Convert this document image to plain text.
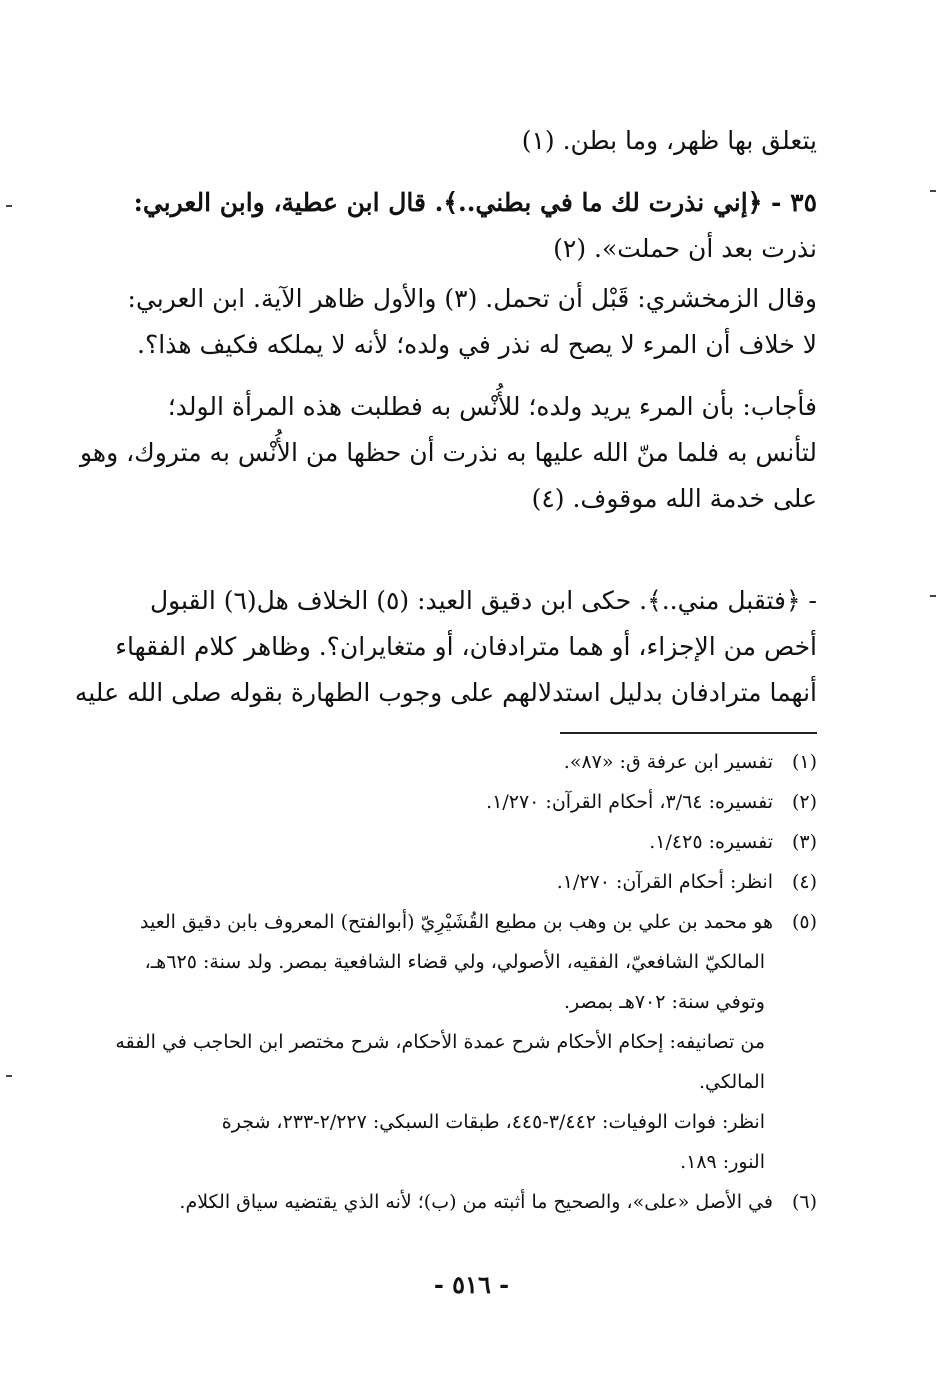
يتعلق بها ظهر، وما بطن. (١)
٣٥ - ﴿إني نذرت لك ما في بطني..﴾. قال ابن عطية، وابن العربي:
نذرت بعد أن حملت». (٢)
وقال الزمخشري: قَبْل أن تحمل. (٣) والأول ظاهر الآية. ابن العربي:
لا خلاف أن المرء لا يصح له نذر في ولده؛ لأنه لا يملكه فكيف هذا؟.
فأجاب: بأن المرء يريد ولده؛ للأُنْس به فطلبت هذه المرأة الولد؛
لتأنس به فلما منّ الله عليها به نذرت أن حظها من الأُنْس به متروك، وهو
على خدمة الله موقوف. (٤)
- ﴿فتقبل مني..﴾. حكى ابن دقيق العيد: (٥) الخلاف هل(٦) القبول
أخص من الإجزاء، أو هما مترادفان، أو متغايران؟. وظاهر كلام الفقهاء
أنهما مترادفان بدليل استدلالهم على وجوب الطهارة بقوله صلى الله عليه
(١)تفسير ابن عرفة ق: «٨٧».
(٢)تفسيره: ٣/٦٤، أحكام القرآن: ١/٢٧٠.
(٣)تفسيره: ١/٤٢٥.
(٤)انظر: أحكام القرآن: ١/٢٧٠.
(٥)هو محمد بن علي بن وهب بن مطيع القُشَيْرِيّ (أبوالفتح) المعروف بابن دقيق العيد
المالكيّ الشافعيّ، الفقيه، الأصولي، ولي قضاء الشافعية بمصر. ولد سنة: ٦٢٥هـ،
وتوفي سنة: ٧٠٢هـ بمصر.
من تصانيفه: إحكام الأحكام شرح عمدة الأحكام، شرح مختصر ابن الحاجب في الفقه
المالكي.
انظر: فوات الوفيات: ٣/٤٤٢-٤٤٥، طبقات السبكي: ٢/٢٢٧-٢٣٣، شجرة
النور: ١٨٩.
(٦)في الأصل «على»، والصحيح ما أثبته من (ب)؛ لأنه الذي يقتضيه سياق الكلام.
- ٥١٦ -
